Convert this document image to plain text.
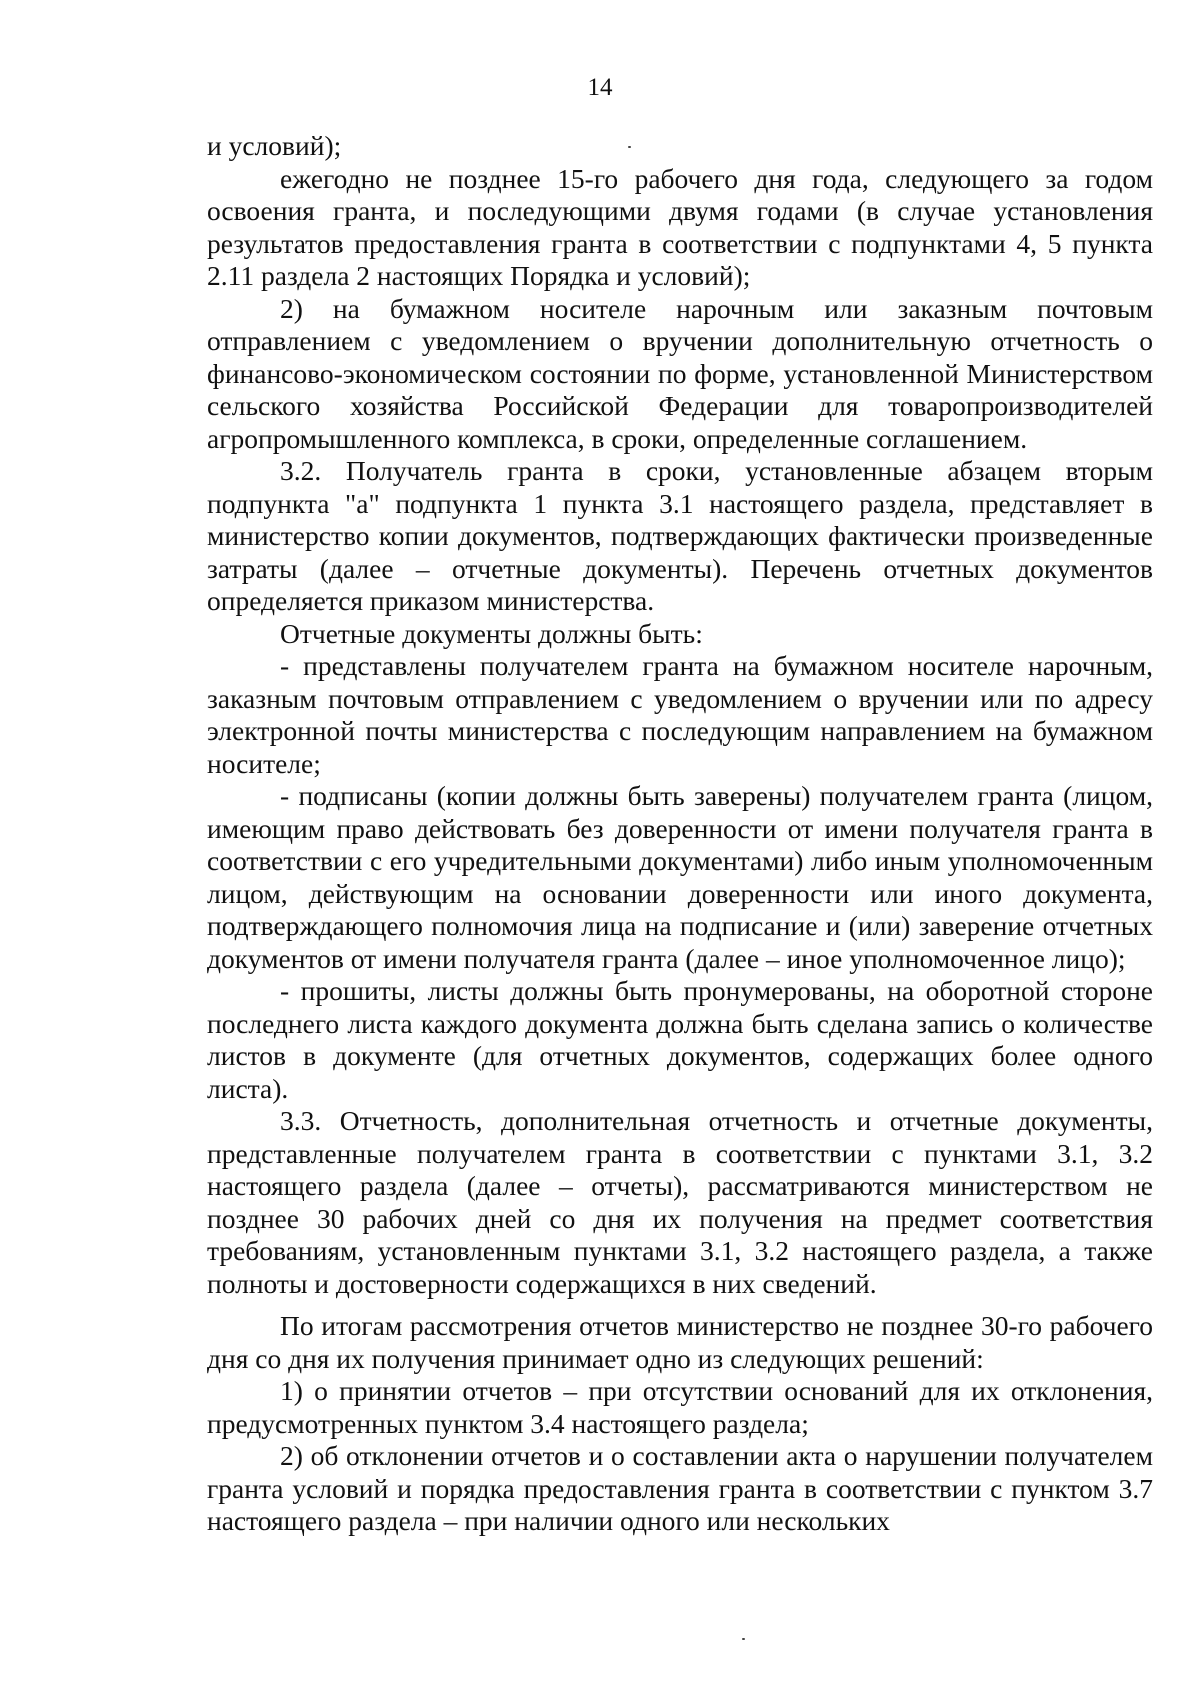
14

и условий);

ежегодно не позднее 15-го рабочего дня года, следующего за годом освоения гранта, и последующими двумя годами (в случае установления результатов предоставления гранта в соответствии с подпунктами 4, 5 пункта 2.11 раздела 2 настоящих Порядка и условий);

2) на бумажном носителе нарочным или заказным почтовым отправлением с уведомлением о вручении дополнительную отчетность о финансово-экономическом состоянии по форме, установленной Министерством сельского хозяйства Российской Федерации для товаропроизводителей агропромышленного комплекса, в сроки, определенные соглашением.

3.2. Получатель гранта в сроки, установленные абзацем вторым подпункта "а" подпункта 1 пункта 3.1 настоящего раздела, представляет в министерство копии документов, подтверждающих фактически произведенные затраты (далее – отчетные документы). Перечень отчетных документов определяется приказом министерства.

Отчетные документы должны быть:

- представлены получателем гранта на бумажном носителе нарочным, заказным почтовым отправлением с уведомлением о вручении или по адресу электронной почты министерства с последующим направлением на бумажном носителе;

- подписаны (копии должны быть заверены) получателем гранта (лицом, имеющим право действовать без доверенности от имени получателя гранта в соответствии с его учредительными документами) либо иным уполномоченным лицом, действующим на основании доверенности или иного документа, подтверждающего полномочия лица на подписание и (или) заверение отчетных документов от имени получателя гранта (далее – иное уполномоченное лицо);

- прошиты, листы должны быть пронумерованы, на оборотной стороне последнего листа каждого документа должна быть сделана запись о количестве листов в документе (для отчетных документов, содержащих более одного листа).

3.3. Отчетность, дополнительная отчетность и отчетные документы, представленные получателем гранта в соответствии с пунктами 3.1, 3.2 настоящего раздела (далее – отчеты), рассматриваются министерством не позднее 30 рабочих дней со дня их получения на предмет соответствия требованиям, установленным пунктами 3.1, 3.2 настоящего раздела, а также полноты и достоверности содержащихся в них сведений.

По итогам рассмотрения отчетов министерство не позднее 30-го рабочего дня со дня их получения принимает одно из следующих решений:

1) о принятии отчетов – при отсутствии оснований для их отклонения, предусмотренных пунктом 3.4 настоящего раздела;

2) об отклонении отчетов и о составлении акта о нарушении получателем гранта условий и порядка предоставления гранта в соответствии с пунктом 3.7 настоящего раздела – при наличии одного или нескольких
